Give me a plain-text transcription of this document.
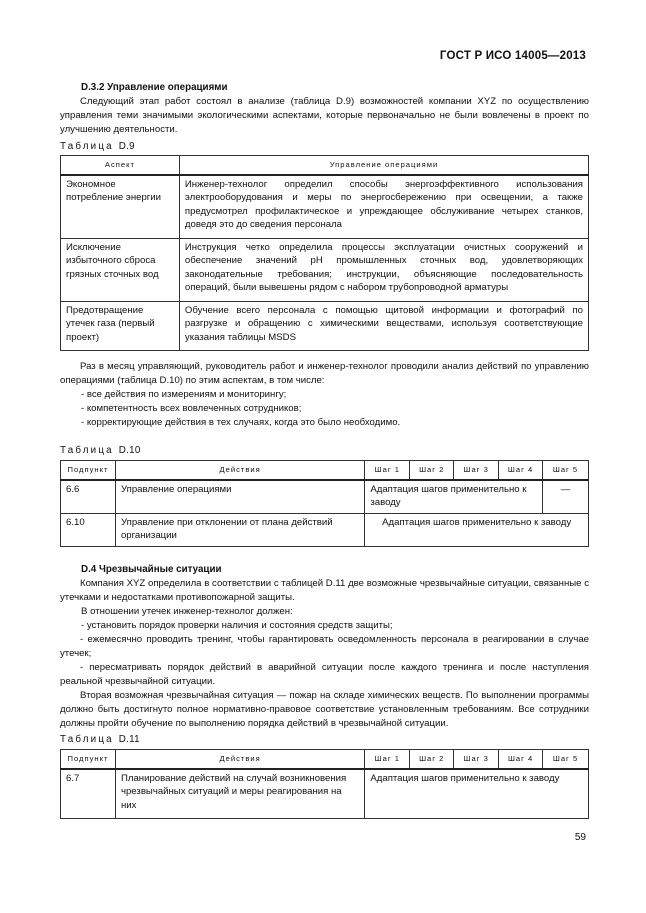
ГОСТ Р ИСО 14005—2013
D.3.2 Управление операциями
Следующий этап работ состоял в анализе (таблица D.9) возможностей компании XYZ по осуществлению управления теми значимыми экологическими аспектами, которые первоначально не были вовлечены в проект по улучшению деятельности.
Таблица D.9
Аспект	Управление операциями
Экономное потребление энергии	Инженер-технолог определил способы энергоэффективного использования электрооборудования и меры по энергосбережению при освещении, а также предусмотрел профилактическое и упреждающее обслуживание четырех станков, доведя это до сведения персонала
Исключение избыточного сброса грязных сточных вод	Инструкция четко определила процессы эксплуатации очистных сооружений и обеспечение значений pH промышленных сточных вод, удовлетворяющих законодательные требования; инструкции, объясняющие последовательность операций, были вывешены рядом с набором трубопроводной арматуры
Предотвращение утечек газа (первый проект)	Обучение всего персонала с помощью щитовой информации и фотографий по разгрузке и обращению с химическими веществами, используя соответствующие указания таблицы MSDS
Раз в месяц управляющий, руководитель работ и инженер-технолог проводили анализ действий по управлению операциями (таблица D.10) по этим аспектам, в том числе:
- все действия по измерениям и мониторингу;
- компетентность всех вовлеченных сотрудников;
- корректирующие действия в тех случаях, когда это было необходимо.
Таблица D.10
Подпункт	Действия	Шаг 1	Шаг 2	Шаг 3	Шаг 4	Шаг 5
6.6	Управление операциями	Адаптация шагов применительно к заводу				—
6.10	Управление при отклонении от плана действий организации	Адаптация шагов применительно к заводу				
D.4 Чрезвычайные ситуации
Компания XYZ определила в соответствии с таблицей D.11 две возможные чрезвычайные ситуации, связанные с утечками и недостатками противопожарной защиты.
В отношении утечек инженер-технолог должен:
- установить порядок проверки наличия и состояния средств защиты;
- ежемесячно проводить тренинг, чтобы гарантировать осведомленность персонала в реагировании в случае утечек;
- пересматривать порядок действий в аварийной ситуации после каждого тренинга и после наступления реальной чрезвычайной ситуации.
Вторая возможная чрезвычайная ситуация — пожар на складе химических веществ. По выполнении программы должно быть достигнуто полное нормативно-правовое соответствие установленным требованиям. Все сотрудники должны пройти обучение по выполнению порядка действий в чрезвычайной ситуации.
Таблица D.11
Подпункт	Действия	Шаг 1	Шаг 2	Шаг 3	Шаг 4	Шаг 5
6.7	Планирование действий на случай возникновения чрезвычайных ситуаций и меры реагирования на них	Адаптация шагов применительно к заводу				
59
